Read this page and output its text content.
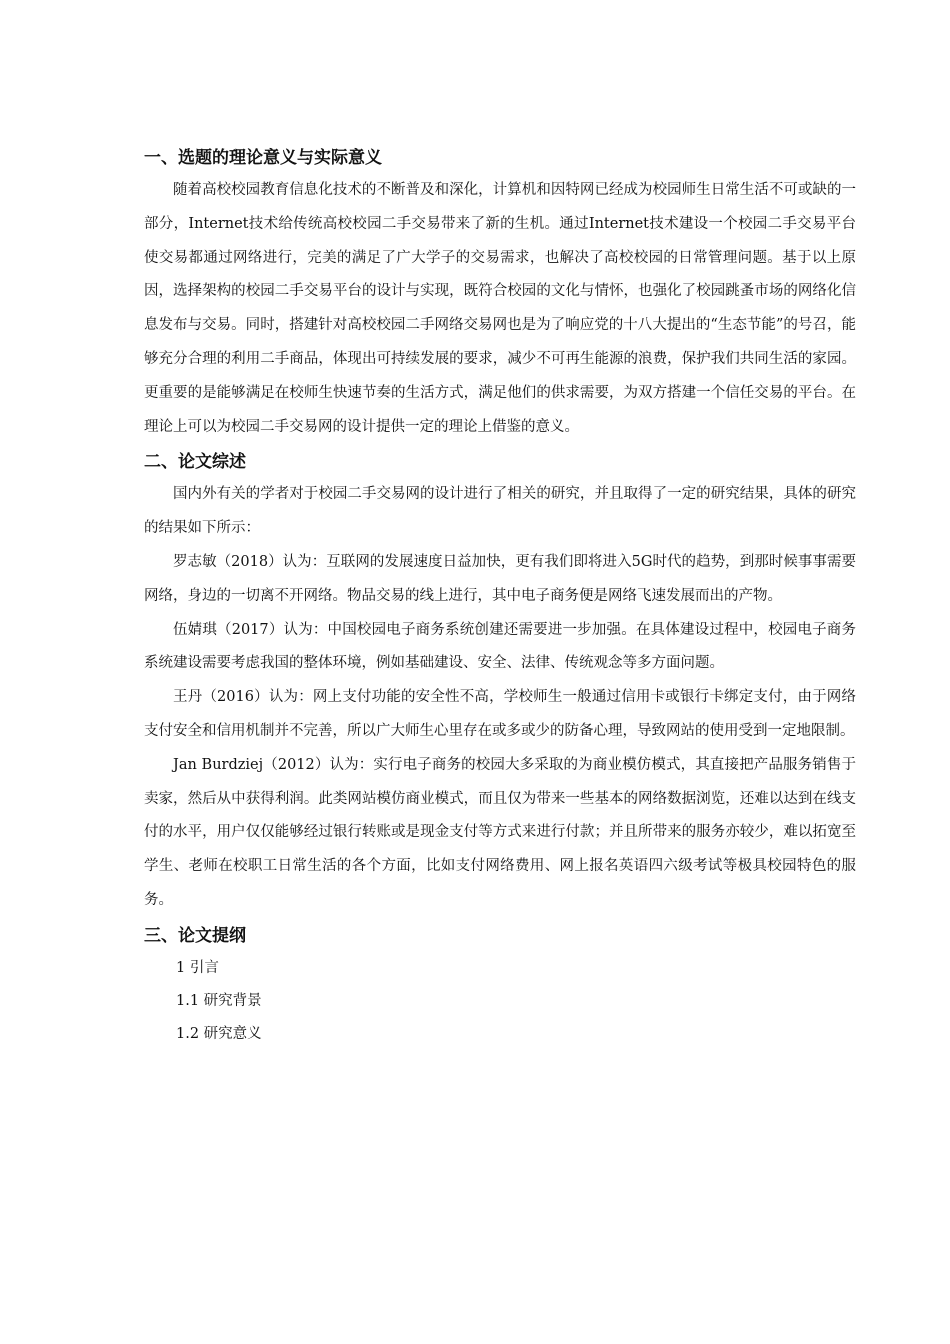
一、选题的理论意义与实际意义

随着高校校园教育信息化技术的不断普及和深化，计算机和因特网已经成为校园师生日常生活不可或缺的一部分，Internet技术给传统高校校园二手交易带来了新的生机。通过Internet技术建设一个校园二手交易平台使交易都通过网络进行，完美的满足了广大学子的交易需求，也解决了高校校园的日常管理问题。基于以上原因，选择架构的校园二手交易平台的设计与实现，既符合校园的文化与情怀，也强化了校园跳蚤市场的网络化信息发布与交易。同时，搭建针对高校校园二手网络交易网也是为了响应党的十八大提出的“生态节能”的号召，能够充分合理的利用二手商品，体现出可持续发展的要求，减少不可再生能源的浪费，保护我们共同生活的家园。更重要的是能够满足在校师生快速节奏的生活方式，满足他们的供求需要，为双方搭建一个信任交易的平台。在理论上可以为校园二手交易网的设计提供一定的理论上借鉴的意义。

二、论文综述

国内外有关的学者对于校园二手交易网的设计进行了相关的研究，并且取得了一定的研究结果，具体的研究的结果如下所示：

罗志敏（2018）认为：互联网的发展速度日益加快，更有我们即将进入5G时代的趋势，到那时候事事需要网络，身边的一切离不开网络。物品交易的线上进行，其中电子商务便是网络飞速发展而出的产物。

伍婧琪（2017）认为：中国校园电子商务系统创建还需要进一步加强。在具体建设过程中，校园电子商务系统建设需要考虑我国的整体环境，例如基础建设、安全、法律、传统观念等多方面问题。

王丹（2016）认为：网上支付功能的安全性不高，学校师生一般通过信用卡或银行卡绑定支付，由于网络支付安全和信用机制并不完善，所以广大师生心里存在或多或少的防备心理，导致网站的使用受到一定地限制。

Jan Burdziej（2012）认为：实行电子商务的校园大多采取的为商业模仿模式，其直接把产品服务销售于卖家，然后从中获得利润。此类网站模仿商业模式，而且仅为带来一些基本的网络数据浏览，还难以达到在线支付的水平，用户仅仅能够经过银行转账或是现金支付等方式来进行付款；并且所带来的服务亦较少，难以拓宽至学生、老师在校职工日常生活的各个方面，比如支付网络费用、网上报名英语四六级考试等极具校园特色的服务。

三、论文提纲
1 引言
1.1 研究背景
1.2 研究意义
